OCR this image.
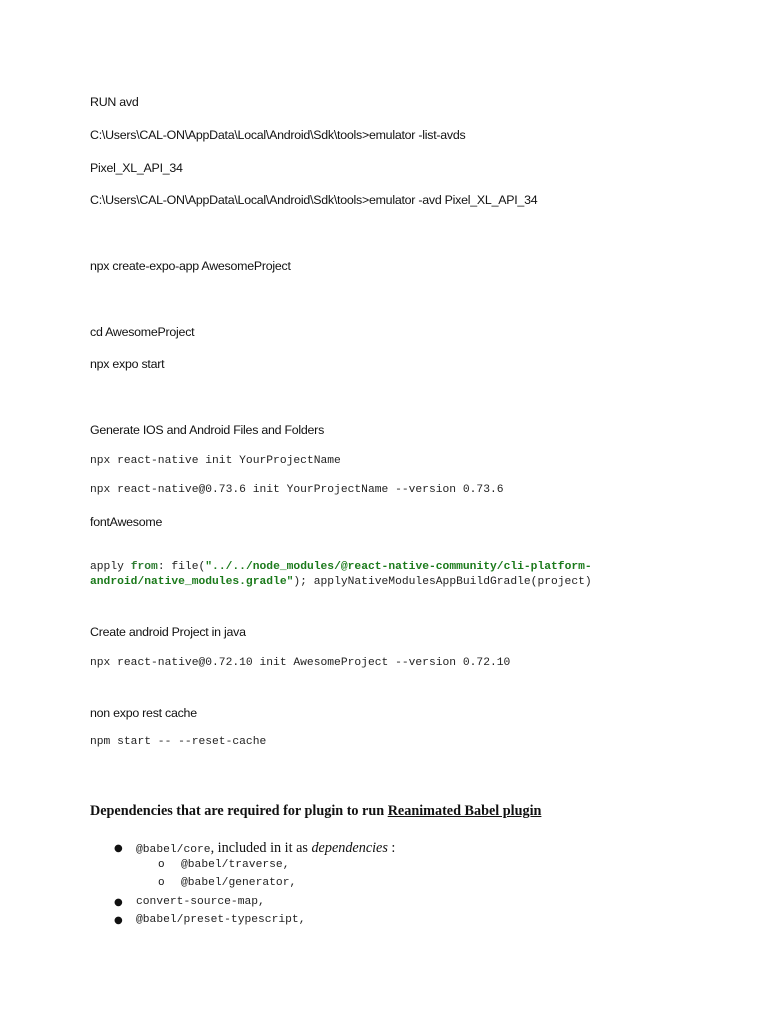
RUN avd
C:\Users\CAL-ON\AppData\Local\Android\Sdk\tools>emulator -list-avds
Pixel_XL_API_34
C:\Users\CAL-ON\AppData\Local\Android\Sdk\tools>emulator -avd Pixel_XL_API_34
npx create-expo-app AwesomeProject
cd AwesomeProject
npx expo start
Generate IOS and Android Files and Folders
npx react-native init YourProjectName
npx react-native@0.73.6 init YourProjectName --version 0.73.6
fontAwesome
apply from: file("../../node_modules/@react-native-community/cli-platform-
android/native_modules.gradle"); applyNativeModulesAppBuildGradle(project)
Create android Project in java
npx react-native@0.72.10 init AwesomeProject --version 0.72.10
non expo rest cache
npm start -- --reset-cache
Dependencies that are required for plugin to run Reanimated Babel plugin
● @babel/core, included in it as dependencies :
o @babel/traverse,
o @babel/generator,
● convert-source-map,
● @babel/preset-typescript,
